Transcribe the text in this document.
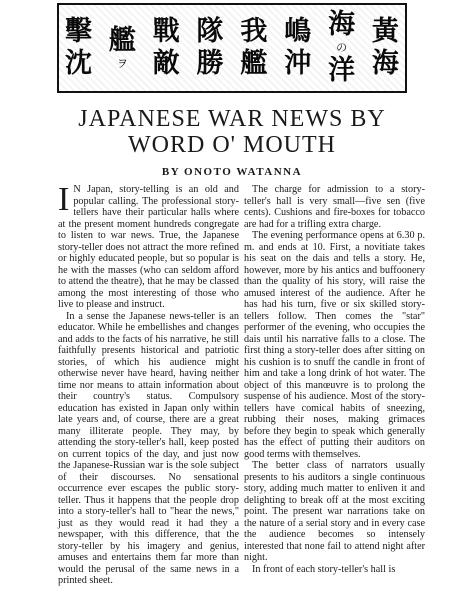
黃
海
海
の
洋
嶋
沖
我
艦
隊
勝
戰
敵
艦
ヲ
擊
沈
JAPANESE WAR NEWS BY
WORD O' MOUTH

BY ONOTO WATANNA

I N Japan, story-telling is an old and popular calling. The professional story-tellers have their particular halls where at the present moment hundreds congregate to listen to war news. True, the Japanese story-teller does not attract the more refined or highly educated people, but so popular is he with the masses (who can seldom afford to attend the theatre), that he may be classed among the most interesting of those who live to please and instruct.

In a sense the Japanese news-teller is an educator. While he embellishes and changes and adds to the facts of his narrative, he still faithfully presents historical and patriotic stories, of which his audience might otherwise never have heard, having neither time nor means to attain information about their country's status. Compulsory education has existed in Japan only within late years and, of course, there are a great many illiterate people. They may, by attending the story-teller's hall, keep posted on current topics of the day, and just now the Japanese-Russian war is the sole subject of their discourses. No sensational occurrence ever escapes the public story-teller. Thus it happens that the people drop into a story-teller's hall to "hear the news," just as they would read it had they a newspaper, with this difference, that the story-teller by his imagery and genius, amuses and entertains them far more than would the perusal of the same news in a printed sheet.

The charge for admission to a story-teller's hall is very small—five sen (five cents). Cushions and fire-boxes for tobacco are had for a trifling extra charge.

The evening performance opens at 6.30 p. m. and ends at 10. First, a novitiate takes his seat on the dais and tells a story. He, however, more by his antics and buffoonery than the quality of his story, will raise the amused interest of the audience. After he has had his turn, five or six skilled story-tellers follow. Then comes the "star" performer of the evening, who occupies the dais until his narrative falls to a close. The first thing a story-teller does after sitting on his cushion is to snuff the candle in front of him and take a long drink of hot water. The object of this manœuvre is to prolong the suspense of his audience. Most of the story-tellers have comical habits of sneezing, rubbing their noses, making grimaces before they begin to speak which generally has the effect of putting their auditors on good terms with themselves.

The better class of narrators usually presents to his auditors a single continuous story, adding much matter to enliven it and delighting to break off at the most exciting point. The present war narrations take on the nature of a serial story and in every case the audience becomes so intensely interested that none fail to attend night after night.

In front of each story-teller's hall is
